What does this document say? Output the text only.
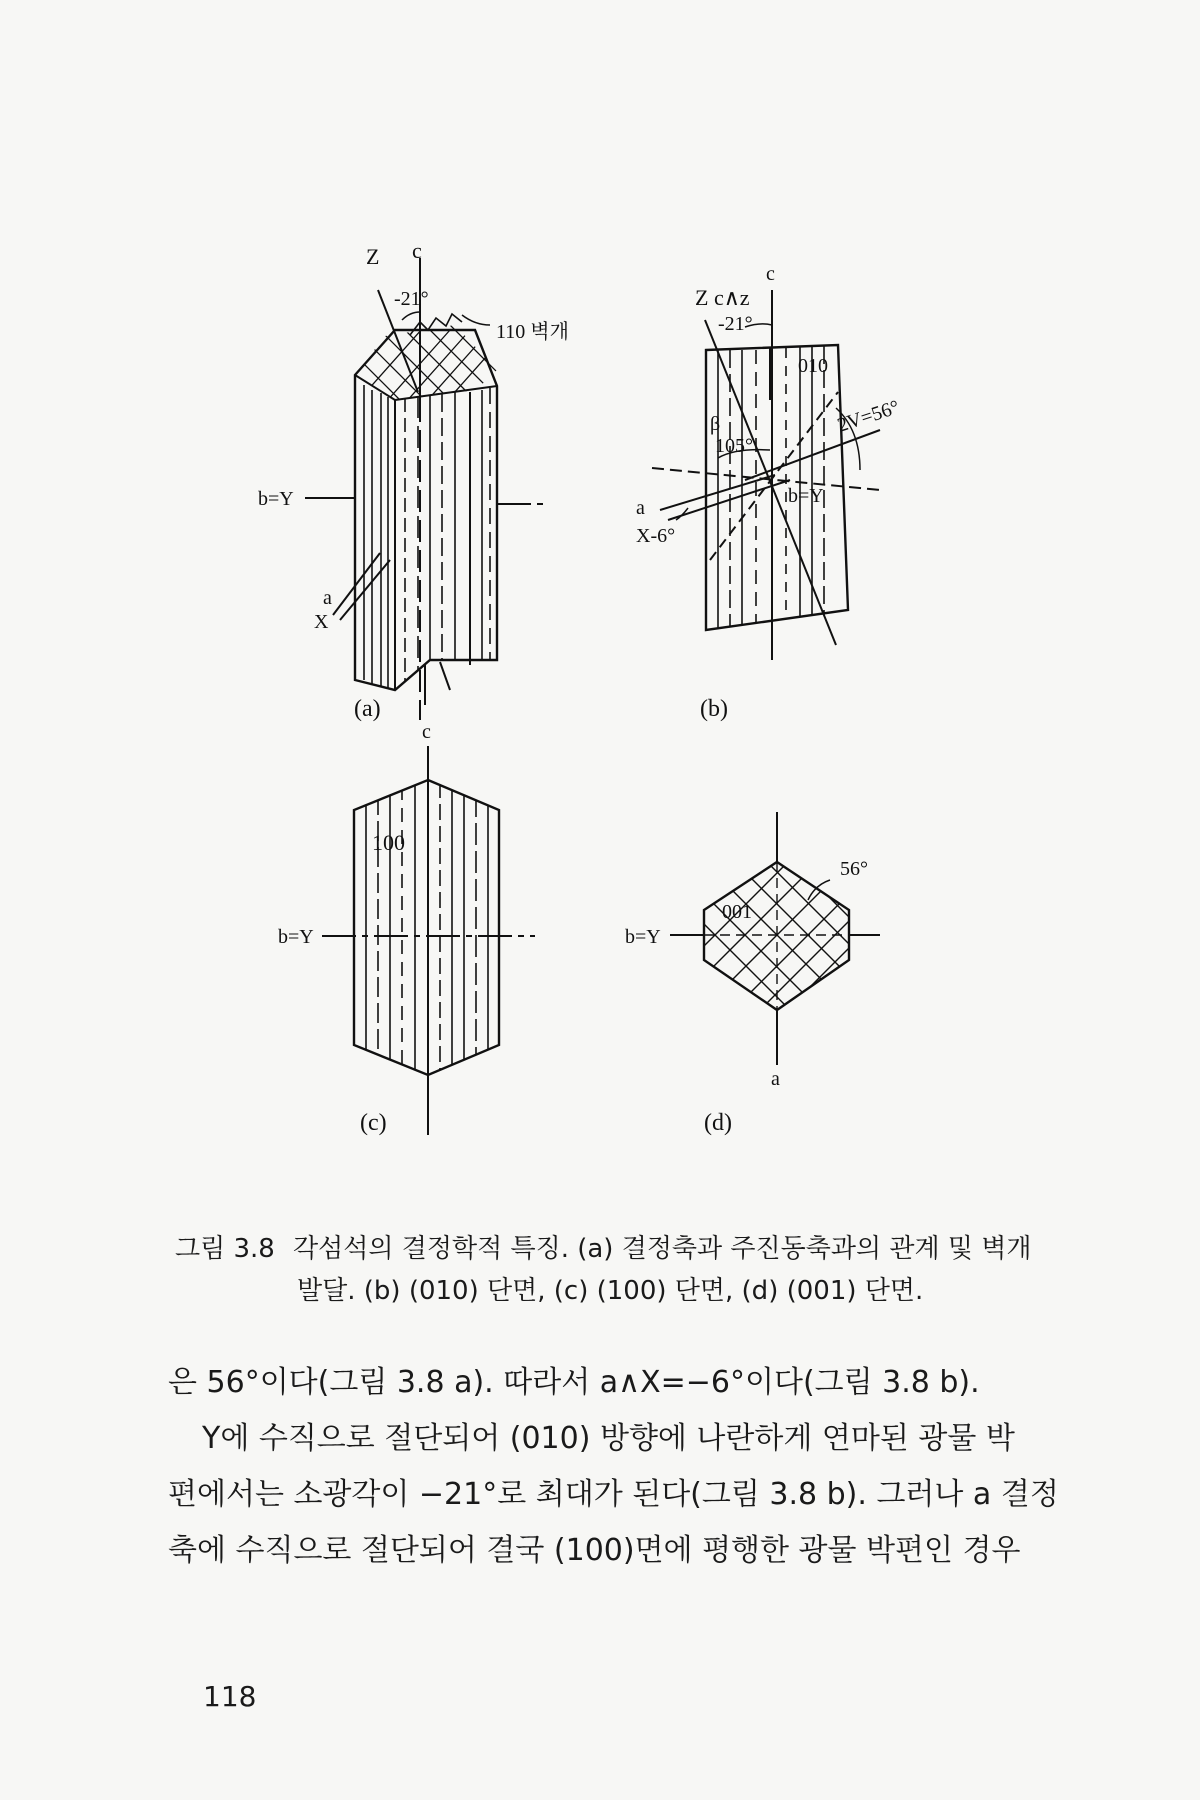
Z c
-21°
110 벽개
b=Y
a
X
(a)
c
Z c∧z
-21°
010
β
105°
2V=56°
b=Y
a
X-6°
(b)
c
100
b=Y
(c)
56°
001
b=Y
a
(d)
그림 3.8 각섬석의 결정학적 특징. (a) 결정축과 주진동축과의 관계 및 벽개
발달. (b) (010) 단면, (c) (100) 단면, (d) (001) 단면.

은 56°이다(그림 3.8 a). 따라서 a∧X=−6°이다(그림 3.8 b).

Y에 수직으로 절단되어 (010) 방향에 나란하게 연마된 광물 박

편에서는 소광각이 −21°로 최대가 된다(그림 3.8 b). 그러나 a 결정

축에 수직으로 절단되어 결국 (100)면에 평행한 광물 박편인 경우

118
